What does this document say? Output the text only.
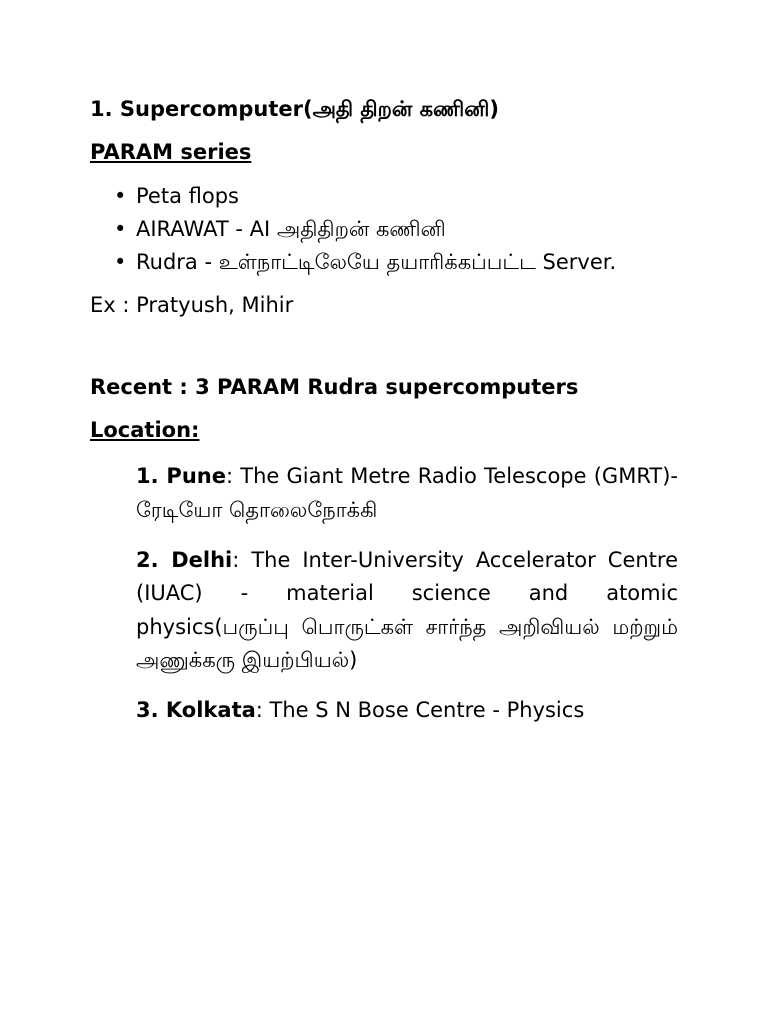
1. Supercomputer(அதி திறன் கணினி)
PARAM series
• Peta flops
• AIRAWAT - AI அதிதிறன் கணினி
• Rudra - உள்நாட்டிலேயே தயாரிக்கப்பட்ட Server.
Ex : Pratyush, Mihir
Recent : 3 PARAM Rudra supercomputers
Location:
1. Pune: The Giant Metre Radio Telescope (GMRT)- ரேடியோ தொலைநோக்கி
2. Delhi: The Inter-University Accelerator Centre (IUAC) - material science and atomic physics(பருப்பு பொருட்கள் சார்ந்த அறிவியல் மற்றும் அணுக்கரு இயற்பியல்)
3. Kolkata: The S N Bose Centre - Physics
